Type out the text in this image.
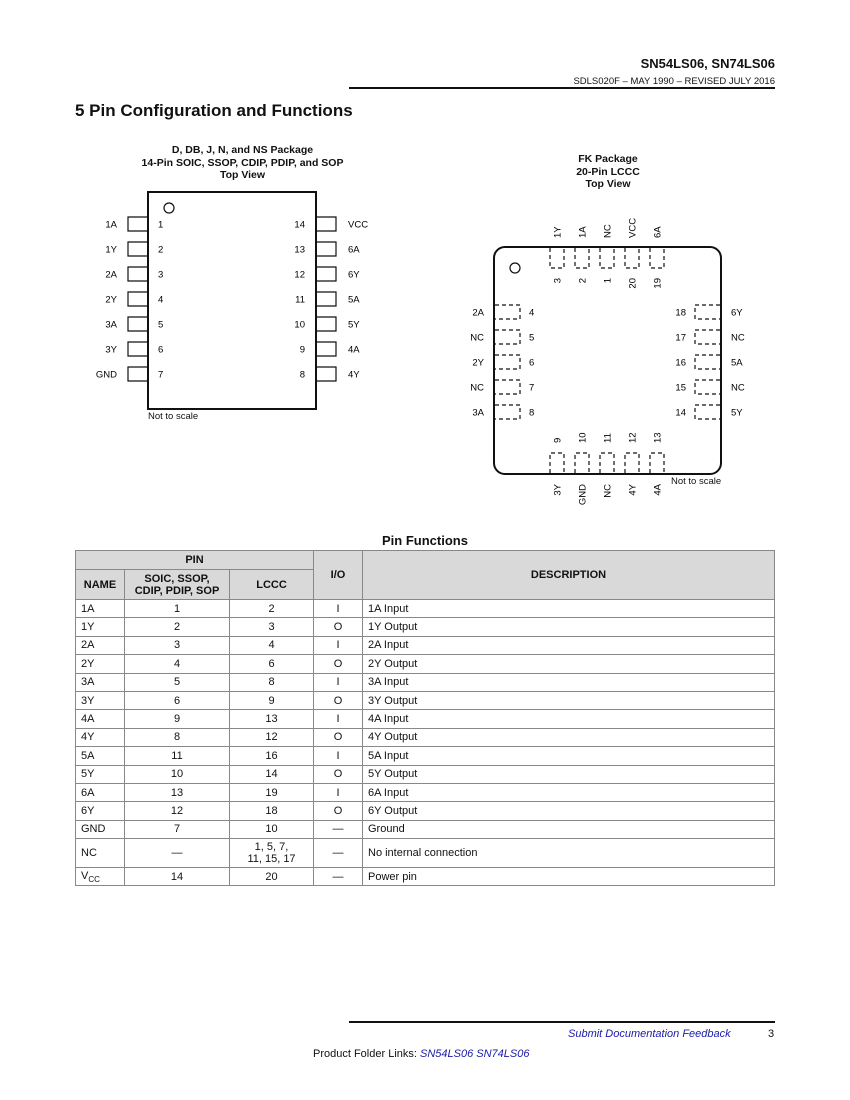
SN54LS06, SN74LS06
SDLS020F – MAY 1990 – REVISED JULY 2016
5 Pin Configuration and Functions
D, DB, J, N, and NS Package
14-Pin SOIC, SSOP, CDIP, PDIP, and SOP
Top View
1A	1
1Y	2
2A	3
2Y	4
3A	5
3Y	6
GND	7
VCC
14
6A
13
6Y
12
5A
11
5Y
10
4A
9
4Y
8
Not to scale
FK Package
20-Pin LCCC
Top View
1Y
3
1A
2
NC
1
VCC
20
6A
19
3Y
9
GND
10
NC
11
4Y
12
4A
13
2A	4
NC	5
2Y	6
NC	7
3A	8
6Y
18
NC
17
5A
16
NC
15
5Y
14
Not to scale
Pin Functions
PIN			I/O	DESCRIPTION
NAME	SOIC, SSOP, CDIP, PDIP, SOP	LCCC		
1A	1	2	I	1A Input
1Y	2	3	O	1Y Output
2A	3	4	I	2A Input
2Y	4	6	O	2Y Output
3A	5	8	I	3A Input
3Y	6	9	O	3Y Output
4A	9	13	I	4A Input
4Y	8	12	O	4Y Output
5A	11	16	I	5A Input
5Y	10	14	O	5Y Output
6A	13	19	I	6A Input
6Y	12	18	O	6Y Output
GND	7	10	—	Ground
NC	—	1, 5, 7,
11, 15, 17	—	No internal connection
$V_{CC}$	14	20	—	Power pin
Submit Documentation Feedback	3
Product Folder Links: SN54LS06 SN74LS06
